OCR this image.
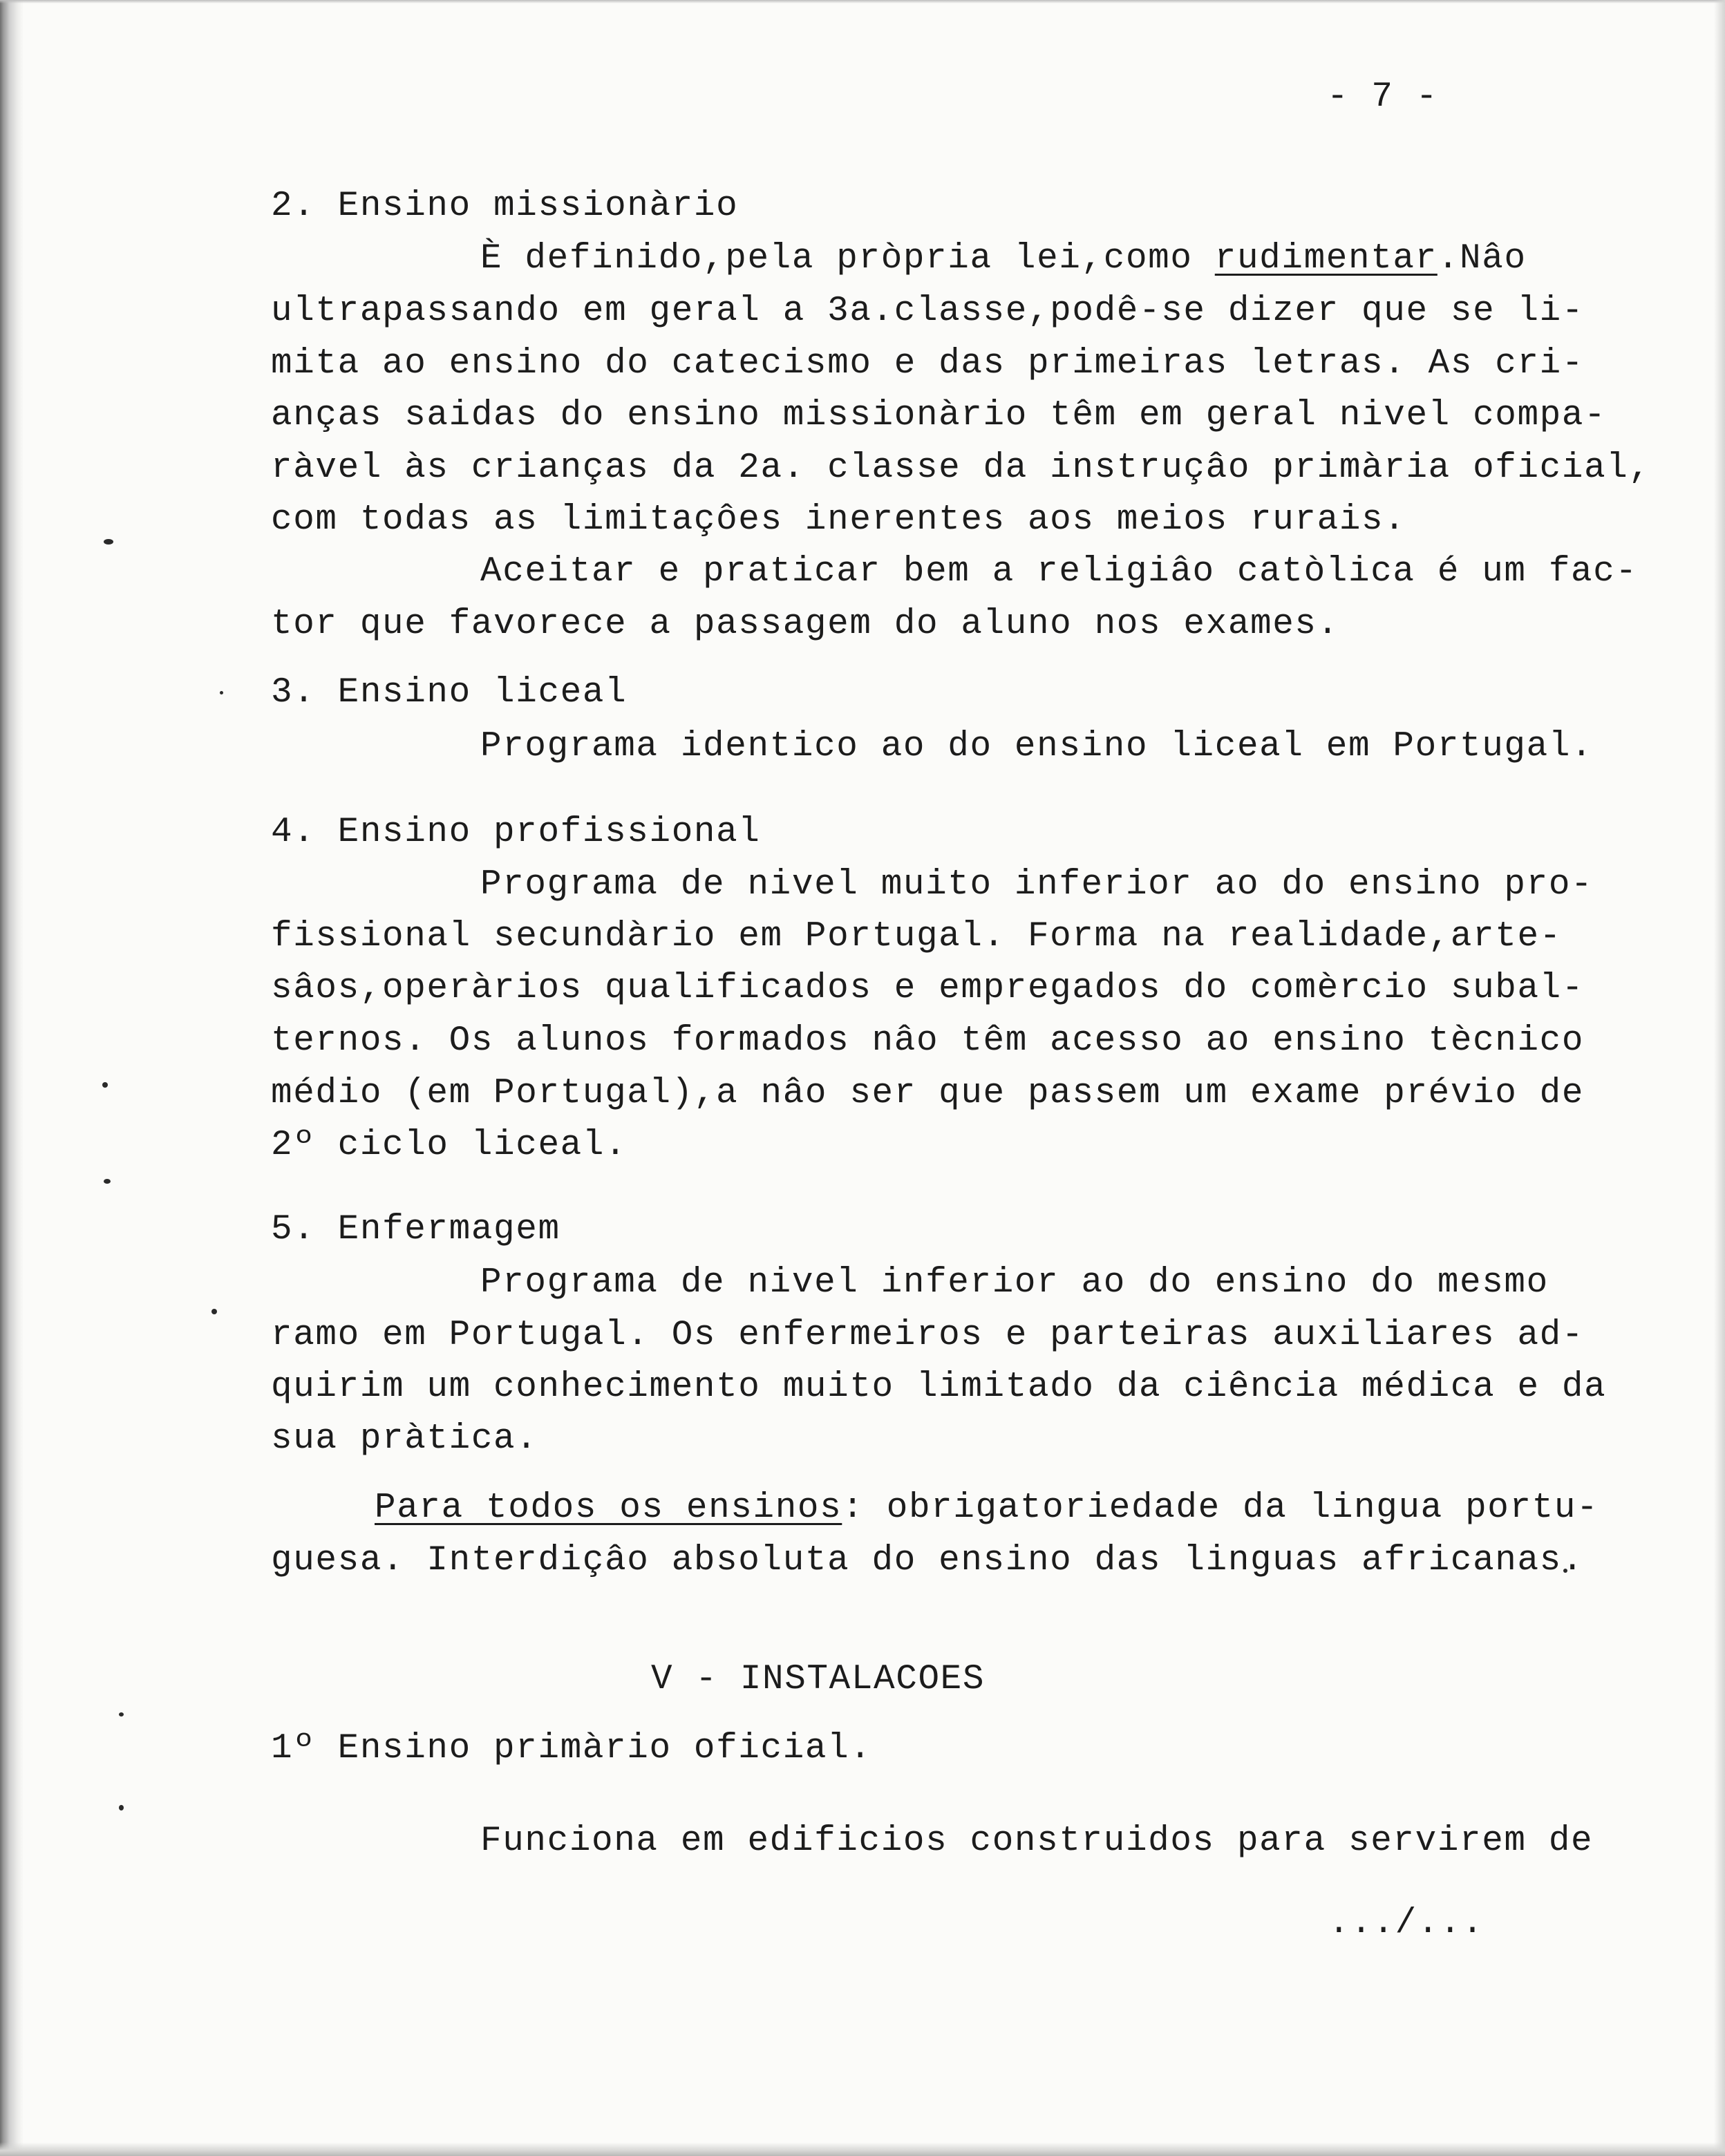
- 7 -
2. Ensino missionàrio
È definido,pela pròpria lei,como rudimentar.Nâo
ultrapassando em geral a 3a.classe,podê-se dizer que se li-
mita ao ensino do catecismo e das primeiras letras. As cri-
anças saidas do ensino missionàrio têm em geral nivel compa-
ràvel às crianças da 2a. classe da instruçâo primària oficial,
com todas as limitaçôes inerentes aos meios rurais.
Aceitar e praticar bem a religiâo catòlica é um fac-
tor que favorece a passagem do aluno nos exames.
3. Ensino liceal
Programa identico ao do ensino liceal em Portugal.
4. Ensino profissional
Programa de nivel muito inferior ao do ensino pro-
fissional secundàrio em Portugal. Forma na realidade,arte-
sâos,operàrios qualificados e empregados do comèrcio subal-
ternos. Os alunos formados nâo têm acesso ao ensino tècnico
médio (em Portugal),a nâo ser que passem um exame prévio de
2º ciclo liceal.
5. Enfermagem
Programa de nivel inferior ao do ensino do mesmo
ramo em Portugal. Os enfermeiros e parteiras auxiliares ad-
quirim um conhecimento muito limitado da ciência médica e da
sua pràtica.
Para todos os ensinos: obrigatoriedade da lingua portu-
guesa. Interdiçâo absoluta do ensino das linguas africanas.
V - INSTALACOES
1º Ensino primàrio oficial.
Funciona em edificios construidos para servirem de
.../...
